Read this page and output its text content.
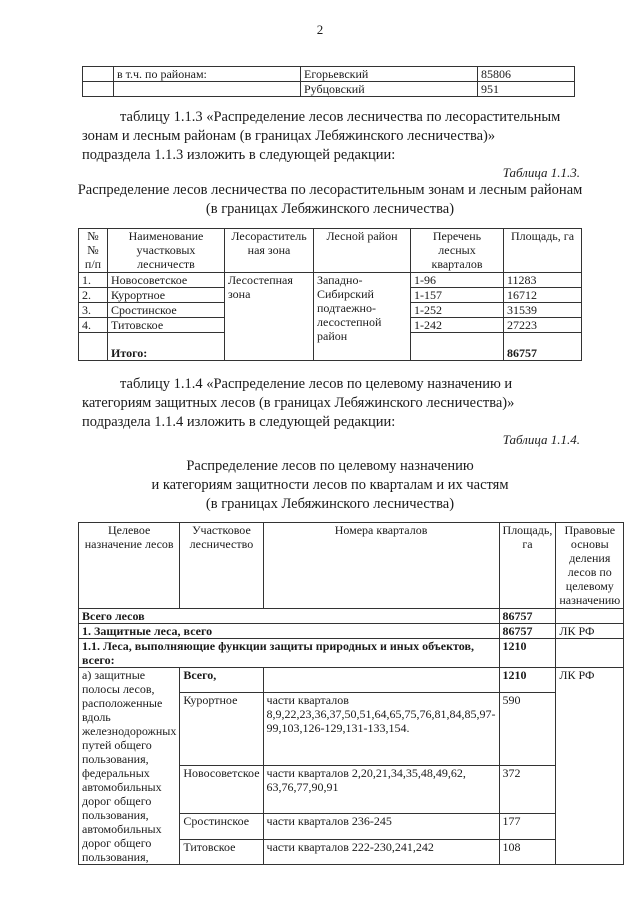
2
	в т.ч. по районам:	Егорьевский	85806
		Рубцовский	951
таблицу 1.1.3 «Распределение лесов лесничества по лесорастительным
зонам и лесным районам (в границах Лебяжинского лесничества)»
подраздела 1.1.3 изложить в следующей редакции:
Таблица 1.1.3.
Распределение лесов лесничества по лесорастительным зонам и лесным районам
(в границах Лебяжинского лесничества)
№№ п/п	Наименование участковых лесничеств	Лесораститель ная зона	Лесной район	Перечень лесных кварталов	Площадь, га
1.	Новосоветское	Лесостепная зона	Западно-Сибирский подтаежно-лесостепной район	1-96	11283
2.	Курортное			1-157	16712
3.	Сростинское			1-252	31539
4.	Титовское			1-242	27223
	Итого:				86757
таблицу 1.1.4 «Распределение лесов по целевому назначению и
категориям защитных лесов (в границах Лебяжинского лесничества)»
подраздела 1.1.4 изложить в следующей редакции:
Таблица 1.1.4.
Распределение лесов по целевому назначению
и категориям защитности лесов по кварталам и их частям
(в границах Лебяжинского лесничества)
Целевое назначение лесов	Участковое лесничество	Номера кварталов	Площадь, га	Правовые основы деления лесов по целевому назначению
Всего лесов			86757	
1. Защитные леса, всего			86757	ЛК РФ
1.1. Леса, выполняющие функции защиты природных и иных объектов, всего:			1210	
а) защитные полосы лесов, расположенные вдоль железнодорожных путей общего пользования, федеральных автомобильных дорог общего пользования, автомобильных дорог общего пользования,	Всего,		1210	ЛК РФ
	Курортное	части кварталов 8,9,22,23,36,37,50,51,64,65,75,76,81,84,85,97-99,103,126-129,131-133,154.	590	
	Новосоветское	части кварталов 2,20,21,34,35,48,49,62, 63,76,77,90,91	372	
	Сростинское	части кварталов 236-245	177	
	Титовское	части кварталов 222-230,241,242	108	
